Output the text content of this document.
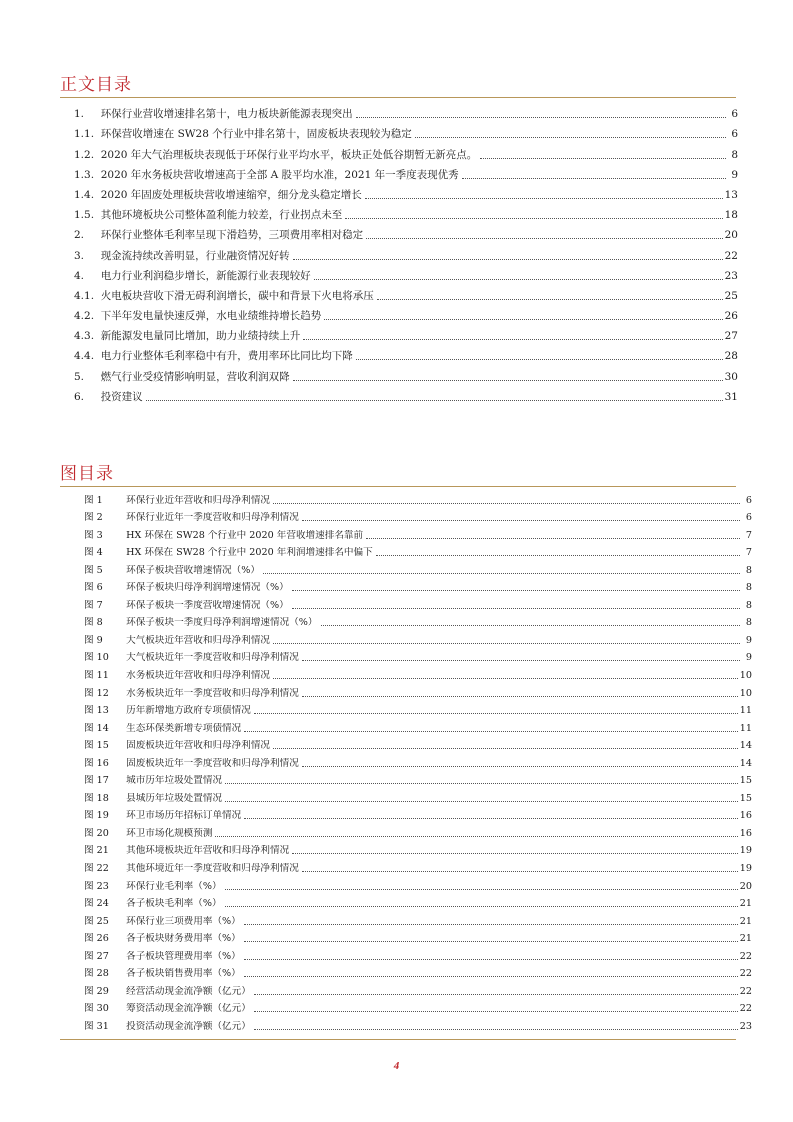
正文目录
1. 环保行业营收增速排名第十，电力板块新能源表现突出	6
1.1. 环保营收增速在 SW28 个行业中排名第十，固废板块表现较为稳定	6
1.2. 2020 年大气治理板块表现低于环保行业平均水平，板块正处低谷期暂无新亮点。	8
1.3. 2020 年水务板块营收增速高于全部 A 股平均水准，2021 年一季度表现优秀	9
1.4. 2020 年固废处理板块营收增速缩窄，细分龙头稳定增长	13
1.5. 其他环境板块公司整体盈利能力较差，行业拐点未至	18
2. 环保行业整体毛利率呈现下滑趋势，三项费用率相对稳定	20
3. 现金流持续改善明显，行业融资情况好转	22
4. 电力行业利润稳步增长，新能源行业表现较好	23
4.1. 火电板块营收下滑无碍利润增长，碳中和背景下火电将承压	25
4.2. 下半年发电量快速反弹，水电业绩维持增长趋势	26
4.3. 新能源发电量同比增加，助力业绩持续上升	27
4.4. 电力行业整体毛利率稳中有升，费用率环比同比均下降	28
5. 燃气行业受疫情影响明显，营收利润双降	30
6. 投资建议	31
图目录
图 1 环保行业近年营收和归母净利情况	6
图 2 环保行业近年一季度营收和归母净利情况	6
图 3 HX 环保在 SW28 个行业中 2020 年营收增速排名靠前	7
图 4 HX 环保在 SW28 个行业中 2020 年利润增速排名中偏下	7
图 5 环保子板块营收增速情况（%）	8
图 6 环保子板块归母净利润增速情况（%）	8
图 7 环保子板块一季度营收增速情况（%）	8
图 8 环保子板块一季度归母净利润增速情况（%）	8
图 9 大气板块近年营收和归母净利情况	9
图 10 大气板块近年一季度营收和归母净利情况	9
图 11 水务板块近年营收和归母净利情况	10
图 12 水务板块近年一季度营收和归母净利情况	10
图 13 历年新增地方政府专项债情况	11
图 14 生态环保类新增专项债情况	11
图 15 固废板块近年营收和归母净利情况	14
图 16 固废板块近年一季度营收和归母净利情况	14
图 17 城市历年垃圾处置情况	15
图 18 县城历年垃圾处置情况	15
图 19 环卫市场历年招标订单情况	16
图 20 环卫市场化规模预测	16
图 21 其他环境板块近年营收和归母净利情况	19
图 22 其他环境近年一季度营收和归母净利情况	19
图 23 环保行业毛利率（%）	20
图 24 各子板块毛利率（%）	21
图 25 环保行业三项费用率（%）	21
图 26 各子板块财务费用率（%）	21
图 27 各子板块管理费用率（%）	22
图 28 各子板块销售费用率（%）	22
图 29 经营活动现金流净额（亿元）	22
图 30 筹资活动现金流净额（亿元）	22
图 31 投资活动现金流净额（亿元）	23
4
